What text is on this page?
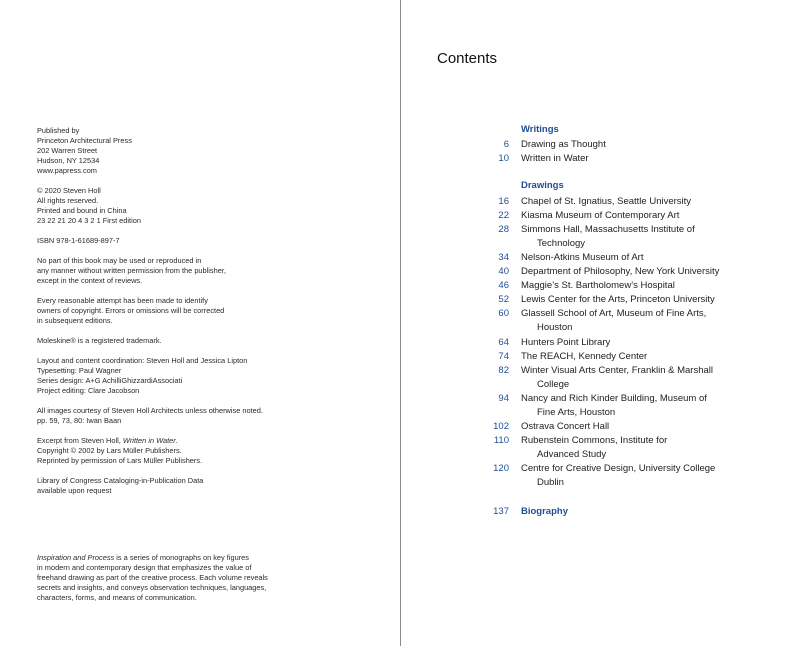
Published by
Princeton Architectural Press
202 Warren Street
Hudson, NY 12534
www.papress.com
© 2020 Steven Holl
All rights reserved.
Printed and bound in China
23 22 21 20 4 3 2 1 First edition
ISBN 978-1-61689-897-7
No part of this book may be used or reproduced in
any manner without written permission from the publisher,
except in the context of reviews.
Every reasonable attempt has been made to identify
owners of copyright. Errors or omissions will be corrected
in subsequent editions.
Moleskine® is a registered trademark.
Layout and content coordination: Steven Holl and Jessica Lipton
Typesetting: Paul Wagner
Series design: A+G AchilliGhizzardiAssociati
Project editing: Clare Jacobson
All images courtesy of Steven Holl Architects unless otherwise noted.
pp. 59, 73, 80: Iwan Baan
Excerpt from Steven Holl, Written in Water.
Copyright © 2002 by Lars Müller Publishers.
Reprinted by permission of Lars Müller Publishers.
Library of Congress Cataloging-in-Publication Data
available upon request
Inspiration and Process is a series of monographs on key figures
in modern and contemporary design that emphasizes the value of
freehand drawing as part of the creative process. Each volume reveals
secrets and insights, and conveys observation techniques, languages,
characters, forms, and means of communication.
Contents
Writings
6 Drawing as Thought
10 Written in Water
Drawings
16 Chapel of St. Ignatius, Seattle University
22 Kiasma Museum of Contemporary Art
28 Simmons Hall, Massachusetts Institute of
Technology
34 Nelson-Atkins Museum of Art
40 Department of Philosophy, New York University
46 Maggie’s St. Bartholomew’s Hospital
52 Lewis Center for the Arts, Princeton University
60 Glassell School of Art, Museum of Fine Arts,
Houston
64 Hunters Point Library
74 The REACH, Kennedy Center
82 Winter Visual Arts Center, Franklin & Marshall
College
94 Nancy and Rich Kinder Building, Museum of
Fine Arts, Houston
102 Ostrava Concert Hall
110 Rubenstein Commons, Institute for
Advanced Study
120 Centre for Creative Design, University College
Dublin
137 Biography
